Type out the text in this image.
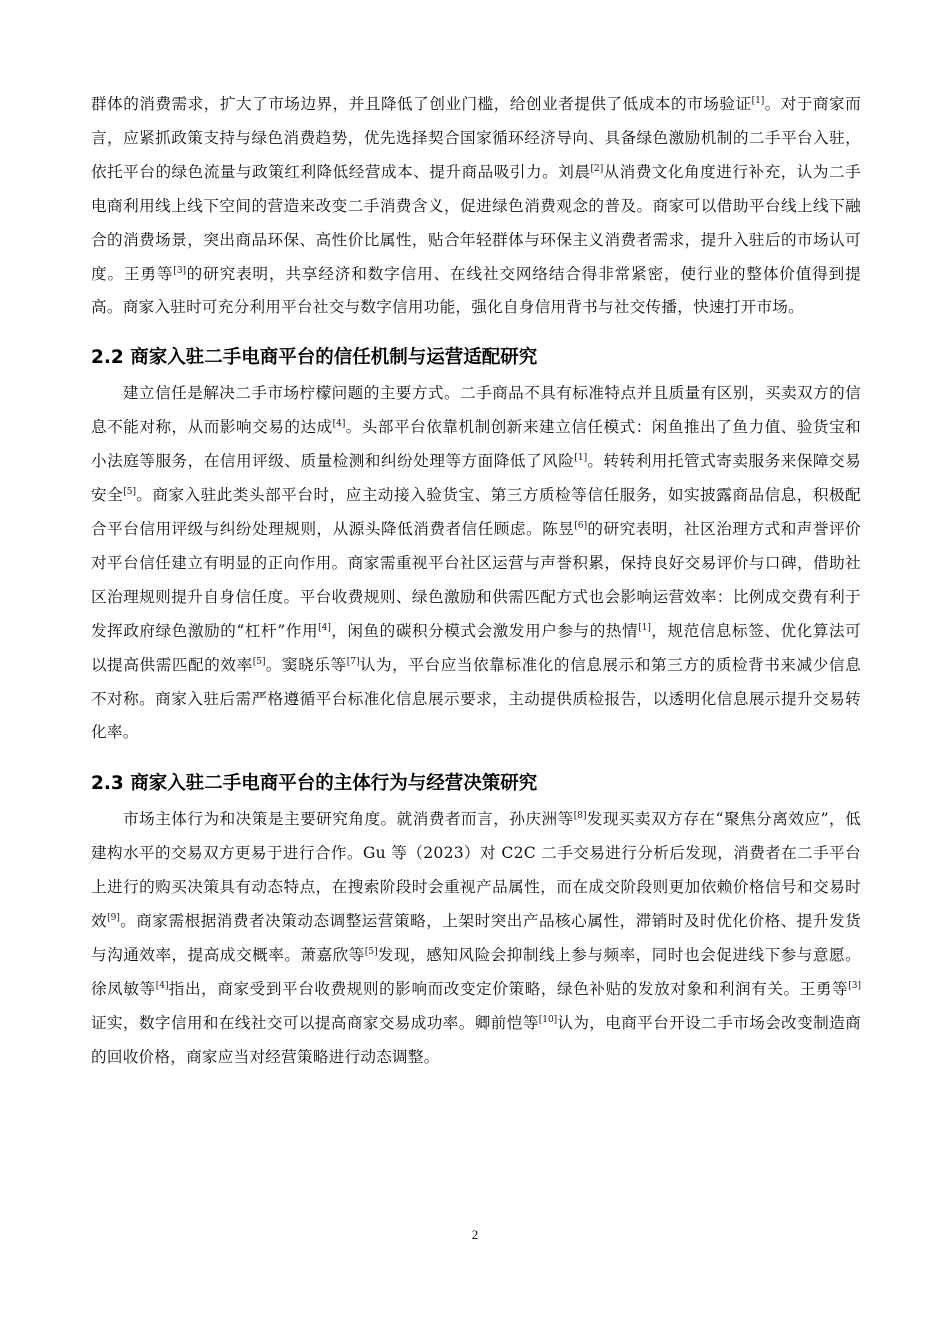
群体的消费需求，扩大了市场边界，并且降低了创业门槛，给创业者提供了低成本的市场验证[1]。对于商家而言，应紧抓政策支持与绿色消费趋势，优先选择契合国家循环经济导向、具备绿色激励机制的二手平台入驻，依托平台的绿色流量与政策红利降低经营成本、提升商品吸引力。刘晨[2]从消费文化角度进行补充，认为二手电商利用线上线下空间的营造来改变二手消费含义，促进绿色消费观念的普及。商家可以借助平台线上线下融合的消费场景，突出商品环保、高性价比属性，贴合年轻群体与环保主义消费者需求，提升入驻后的市场认可度。王勇等[3]的研究表明，共享经济和数字信用、在线社交网络结合得非常紧密，使行业的整体价值得到提高。商家入驻时可充分利用平台社交与数字信用功能，强化自身信用背书与社交传播，快速打开市场。

2.2 商家入驻二手电商平台的信任机制与运营适配研究

建立信任是解决二手市场柠檬问题的主要方式。二手商品不具有标准特点并且质量有区别，买卖双方的信息不能对称，从而影响交易的达成[4]。头部平台依靠机制创新来建立信任模式：闲鱼推出了鱼力值、验货宝和小法庭等服务，在信用评级、质量检测和纠纷处理等方面降低了风险[1]。转转利用托管式寄卖服务来保障交易安全[5]。商家入驻此类头部平台时，应主动接入验货宝、第三方质检等信任服务，如实披露商品信息，积极配合平台信用评级与纠纷处理规则，从源头降低消费者信任顾虑。陈昱[6]的研究表明，社区治理方式和声誉评价对平台信任建立有明显的正向作用。商家需重视平台社区运营与声誉积累，保持良好交易评价与口碑，借助社区治理规则提升自身信任度。平台收费规则、绿色激励和供需匹配方式也会影响运营效率：比例成交费有利于发挥政府绿色激励的“杠杆”作用[4]，闲鱼的碳积分模式会激发用户参与的热情[1]，规范信息标签、优化算法可以提高供需匹配的效率[5]。窦晓乐等[7]认为，平台应当依靠标准化的信息展示和第三方的质检背书来减少信息不对称。商家入驻后需严格遵循平台标准化信息展示要求，主动提供质检报告，以透明化信息展示提升交易转化率。

2.3 商家入驻二手电商平台的主体行为与经营决策研究

市场主体行为和决策是主要研究角度。就消费者而言，孙庆洲等[8]发现买卖双方存在“聚焦分离效应”，低建构水平的交易双方更易于进行合作。Gu 等（2023）对 C2C 二手交易进行分析后发现，消费者在二手平台上进行的购买决策具有动态特点，在搜索阶段时会重视产品属性，而在成交阶段则更加依赖价格信号和交易时效[9]。商家需根据消费者决策动态调整运营策略，上架时突出产品核心属性，滞销时及时优化价格、提升发货与沟通效率，提高成交概率。萧嘉欣等[5]发现，感知风险会抑制线上参与频率，同时也会促进线下参与意愿。徐凤敏等[4]指出，商家受到平台收费规则的影响而改变定价策略，绿色补贴的发放对象和利润有关。王勇等[3]证实，数字信用和在线社交可以提高商家交易成功率。卿前恺等[10]认为，电商平台开设二手市场会改变制造商的回收价格，商家应当对经营策略进行动态调整。

2
